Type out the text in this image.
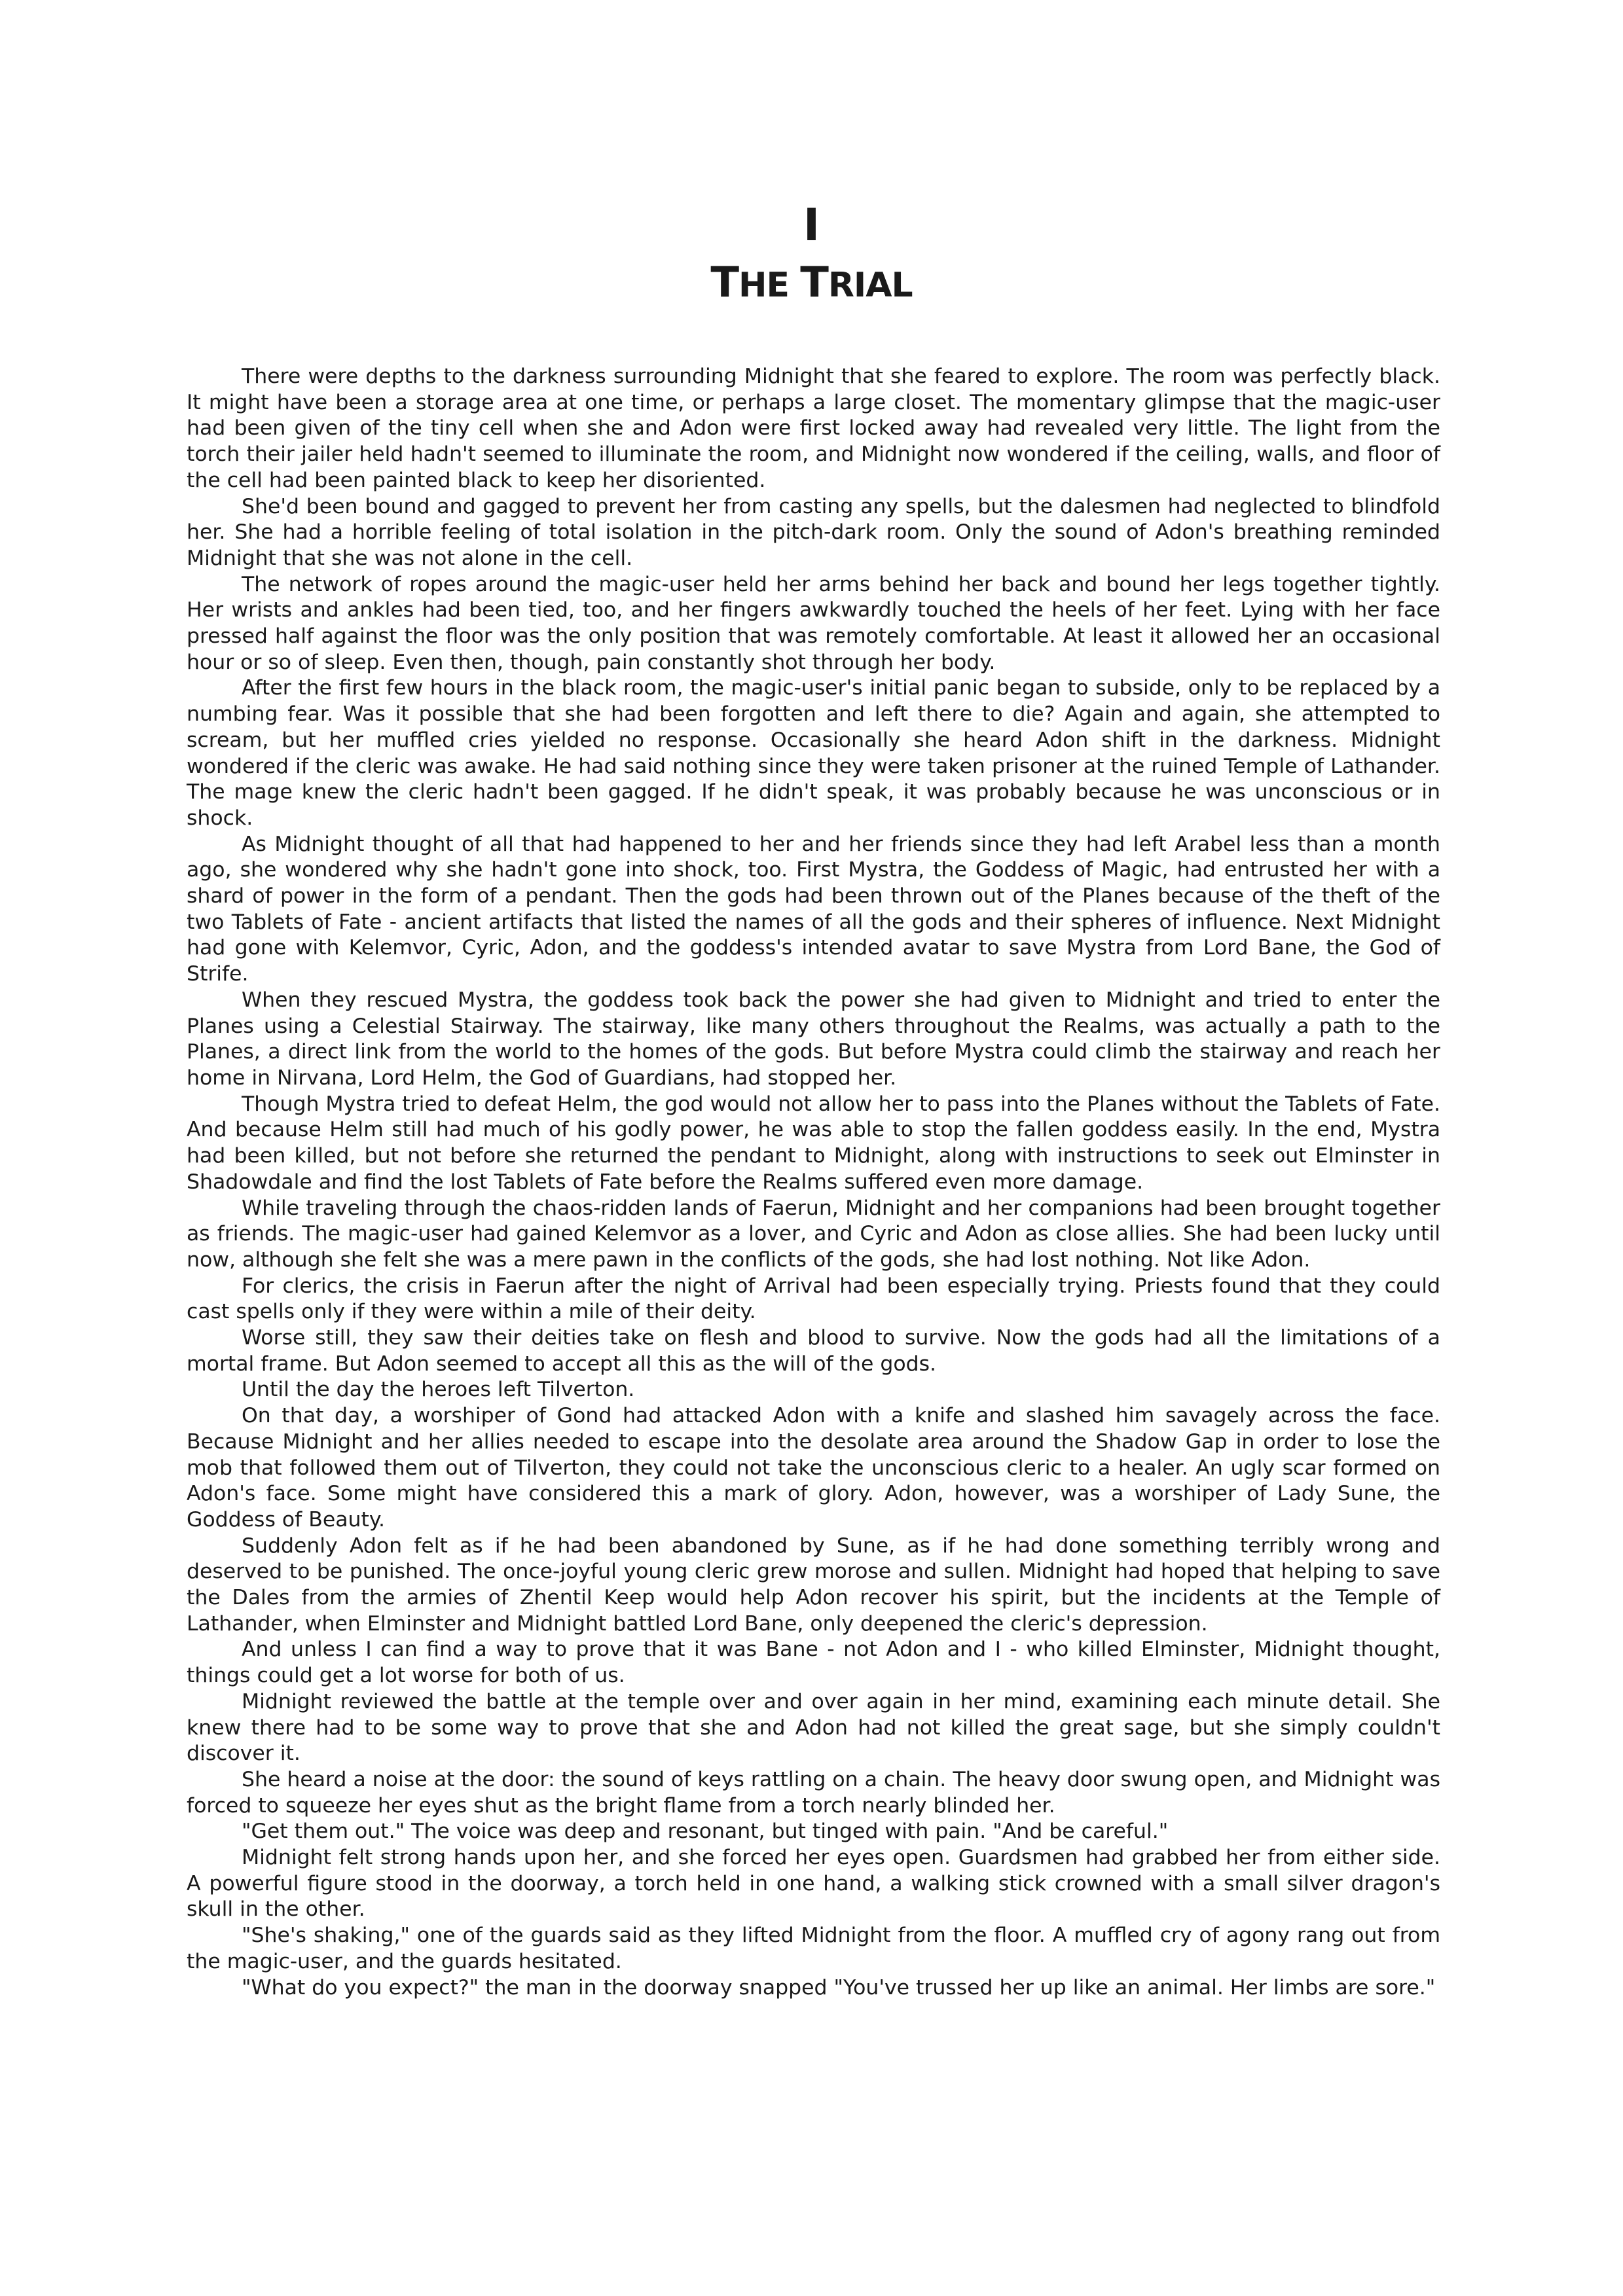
I
THE TRIAL

There were depths to the darkness surrounding Midnight that she feared to explore. The room was perfectly black. It might have been a storage area at one time, or perhaps a large closet. The momentary glimpse that the magic-user had been given of the tiny cell when she and Adon were first locked away had revealed very little. The light from the torch their jailer held hadn't seemed to illuminate the room, and Midnight now wondered if the ceiling, walls, and floor of the cell had been painted black to keep her disoriented.

She'd been bound and gagged to prevent her from casting any spells, but the dalesmen had neglected to blindfold her. She had a horrible feeling of total isolation in the pitch-dark room. Only the sound of Adon's breathing reminded Midnight that she was not alone in the cell.

The network of ropes around the magic-user held her arms behind her back and bound her legs together tightly. Her wrists and ankles had been tied, too, and her fingers awkwardly touched the heels of her feet. Lying with her face pressed half against the floor was the only position that was remotely comfortable. At least it allowed her an occasional hour or so of sleep. Even then, though, pain constantly shot through her body.

After the first few hours in the black room, the magic-user's initial panic began to subside, only to be replaced by a numbing fear. Was it possible that she had been forgotten and left there to die? Again and again, she attempted to scream, but her muffled cries yielded no response. Occasionally she heard Adon shift in the darkness. Midnight wondered if the cleric was awake. He had said nothing since they were taken prisoner at the ruined Temple of Lathander. The mage knew the cleric hadn't been gagged. If he didn't speak, it was probably because he was unconscious or in shock.

As Midnight thought of all that had happened to her and her friends since they had left Arabel less than a month ago, she wondered why she hadn't gone into shock, too. First Mystra, the Goddess of Magic, had entrusted her with a shard of power in the form of a pendant. Then the gods had been thrown out of the Planes because of the theft of the two Tablets of Fate - ancient artifacts that listed the names of all the gods and their spheres of influence. Next Midnight had gone with Kelemvor, Cyric, Adon, and the goddess's intended avatar to save Mystra from Lord Bane, the God of Strife.

When they rescued Mystra, the goddess took back the power she had given to Midnight and tried to enter the Planes using a Celestial Stairway. The stairway, like many others throughout the Realms, was actually a path to the Planes, a direct link from the world to the homes of the gods. But before Mystra could climb the stairway and reach her home in Nirvana, Lord Helm, the God of Guardians, had stopped her.

Though Mystra tried to defeat Helm, the god would not allow her to pass into the Planes without the Tablets of Fate. And because Helm still had much of his godly power, he was able to stop the fallen goddess easily. In the end, Mystra had been killed, but not before she returned the pendant to Midnight, along with instructions to seek out Elminster in Shadowdale and find the lost Tablets of Fate before the Realms suffered even more damage.

While traveling through the chaos-ridden lands of Faerun, Midnight and her companions had been brought together as friends. The magic-user had gained Kelemvor as a lover, and Cyric and Adon as close allies. She had been lucky until now, although she felt she was a mere pawn in the conflicts of the gods, she had lost nothing. Not like Adon.

For clerics, the crisis in Faerun after the night of Arrival had been especially trying. Priests found that they could cast spells only if they were within a mile of their deity.

Worse still, they saw their deities take on flesh and blood to survive. Now the gods had all the limitations of a mortal frame. But Adon seemed to accept all this as the will of the gods.

Until the day the heroes left Tilverton.

On that day, a worshiper of Gond had attacked Adon with a knife and slashed him savagely across the face. Because Midnight and her allies needed to escape into the desolate area around the Shadow Gap in order to lose the mob that followed them out of Tilverton, they could not take the unconscious cleric to a healer. An ugly scar formed on Adon's face. Some might have considered this a mark of glory. Adon, however, was a worshiper of Lady Sune, the Goddess of Beauty.

Suddenly Adon felt as if he had been abandoned by Sune, as if he had done something terribly wrong and deserved to be punished. The once-joyful young cleric grew morose and sullen. Midnight had hoped that helping to save the Dales from the armies of Zhentil Keep would help Adon recover his spirit, but the incidents at the Temple of Lathander, when Elminster and Midnight battled Lord Bane, only deepened the cleric's depression.

And unless I can find a way to prove that it was Bane - not Adon and I - who killed Elminster, Midnight thought, things could get a lot worse for both of us.

Midnight reviewed the battle at the temple over and over again in her mind, examining each minute detail. She knew there had to be some way to prove that she and Adon had not killed the great sage, but she simply couldn't discover it.

She heard a noise at the door: the sound of keys rattling on a chain. The heavy door swung open, and Midnight was forced to squeeze her eyes shut as the bright flame from a torch nearly blinded her.

"Get them out." The voice was deep and resonant, but tinged with pain. "And be careful."

Midnight felt strong hands upon her, and she forced her eyes open. Guardsmen had grabbed her from either side. A powerful figure stood in the doorway, a torch held in one hand, a walking stick crowned with a small silver dragon's skull in the other.

"She's shaking," one of the guards said as they lifted Midnight from the floor. A muffled cry of agony rang out from the magic-user, and the guards hesitated.

"What do you expect?" the man in the doorway snapped "You've trussed her up like an animal. Her limbs are sore."
